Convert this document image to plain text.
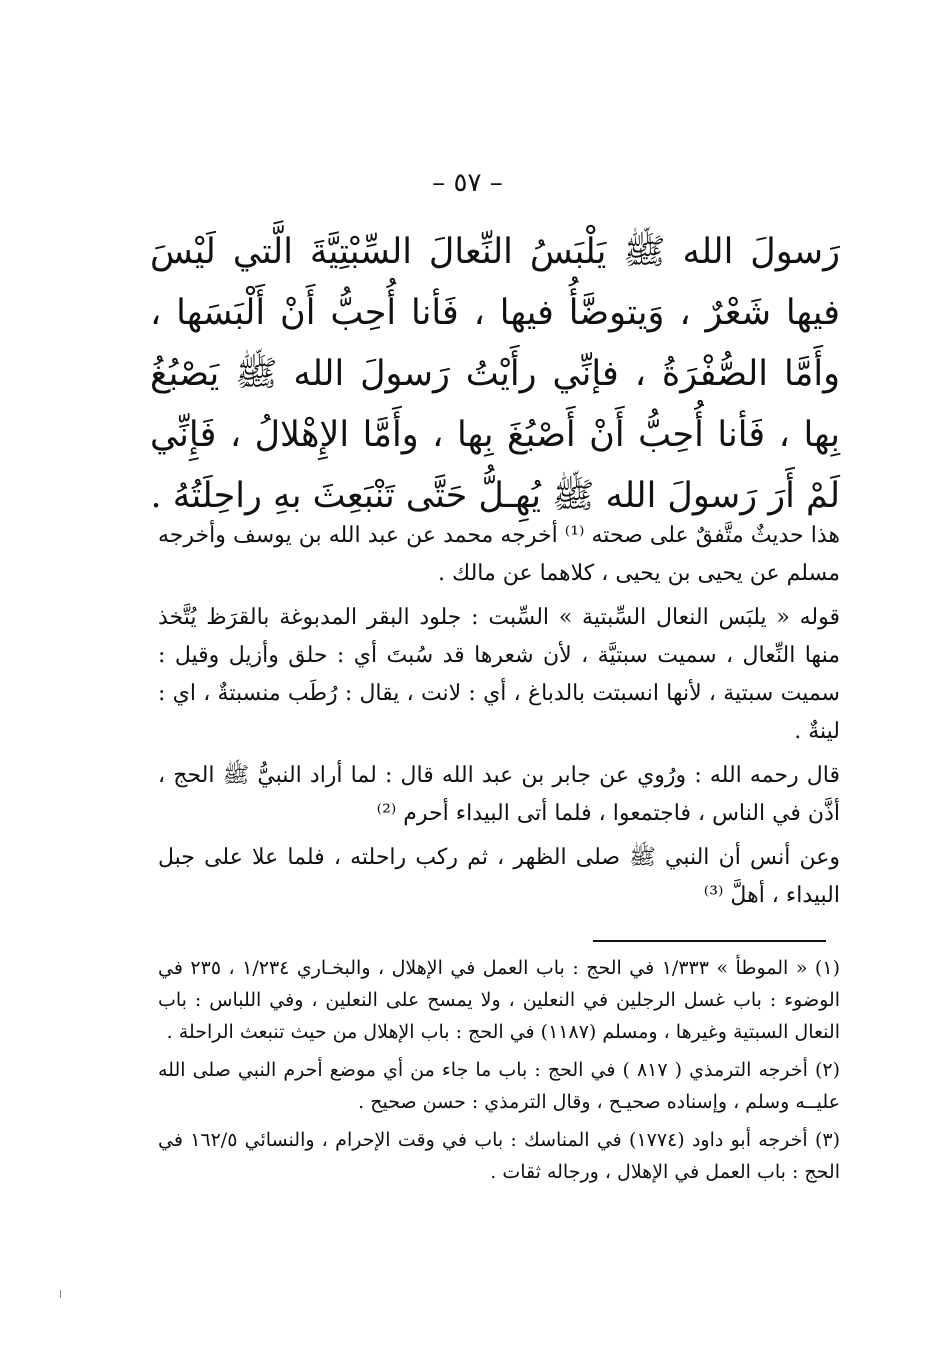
– ٥٧ –

رَسولَ الله ﷺ يَلْبَسُ النِّعالَ السِّبْتِيَّةَ الَّتي لَيْسَ فيها شَعْرٌ ، وَيتوضَّأُ فيها ، فَأنا أُحِبُّ أَنْ أَلْبَسَها ، وأَمَّا الصُّفْرَةُ ، فإنِّي رأَيْتُ رَسولَ الله ﷺ يَصْبُغُ بِها ، فَأنا أُحِبُّ أَنْ أَصْبُغَ بِها ، وأَمَّا الإِهْلالُ ، فَإِنِّي لَمْ أَرَ رَسولَ الله ﷺ يُهِـلُّ حَتَّى تَنْبَعِثَ بهِ راحِلَتُهُ .

هذا حديثٌ متَّفقٌ على صحته ⁽¹⁾ أخرجه محمد عن عبد الله بن يوسف وأخرجه مسلم عن يحيى بن يحيى ، كلاهما عن مالك .

قوله « يلبَس النعال السِّبتية » السِّبت : جلود البقر المدبوغة بالقرَظ يُتَّخذ منها النِّعال ، سميت سبتيَّة ، لأن شعرها قد سُبتَ أي : حلق وأزيل وقيل : سميت سبتية ، لأنها انسبتت بالدباغ ، أي : لانت ، يقال : رُطَب منسبتةٌ ، اي : لينةٌ .

قال رحمه الله : ورُوي عن جابر بن عبد الله قال : لما أراد النبيُّ ﷺ الحج ، أذَّن في الناس ، فاجتمعوا ، فلما أتى البيداء أحرم ⁽²⁾

وعن أنس أن النبي ﷺ صلى الظهر ، ثم ركب راحلته ، فلما علا على جبل البيداء ، أهلَّ ⁽³⁾

(١) « الموطأ » ١/٣٣٣ في الحج : باب العمل في الإهلال ، والبخـاري ١/٢٣٤ ، ٢٣٥ في الوضوء : باب غسل الرجلين في النعلين ، ولا يمسح على النعلين ، وفي اللباس : باب النعال السبتية وغيرها ، ومسلم (١١٨٧) في الحج : باب الإهلال من حيث تنبعث الراحلة .

(٢) أخرجه الترمذي ( ٨١٧ ) في الحج : باب ما جاء من أي موضع أحرم النبي صلى الله عليــه وسلم ، وإسناده صحيـح ، وقال الترمذي : حسن صحيح .

(٣) أخرجه أبو داود (١٧٧٤) في المناسك : باب في وقت الإحرام ، والنسائي ١٦٢/٥ في الحج : باب العمل في الإهلال ، ورجاله ثقات .
